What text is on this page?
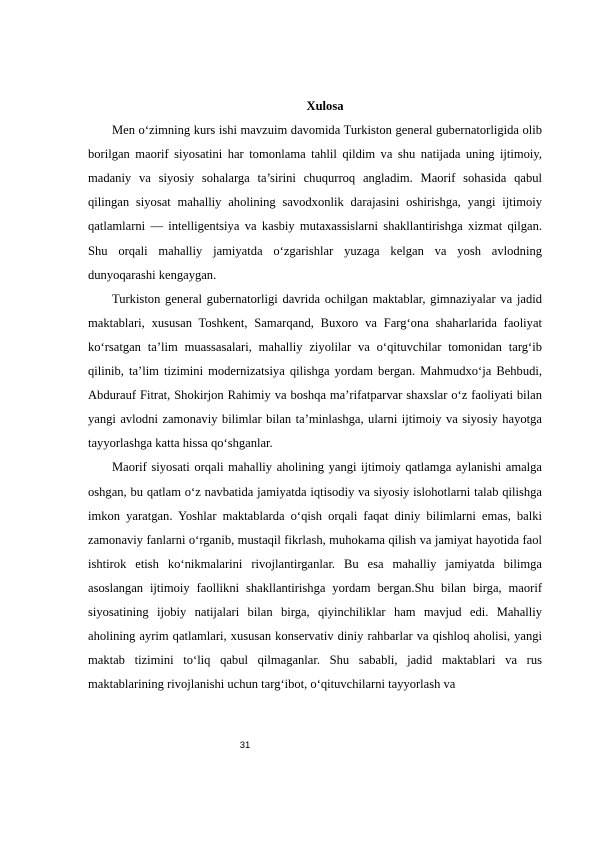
Xulosa

Men o‘zimning kurs ishi mavzuim davomida Turkiston general gubernatorligida olib borilgan maorif siyosatini har tomonlama tahlil qildim va shu natijada uning ijtimoiy, madaniy va siyosiy sohalarga ta’sirini chuqurroq angladim. Maorif sohasida qabul qilingan siyosat mahalliy aholining savodxonlik darajasini oshirishga, yangi ijtimoiy qatlamlarni — intelligentsiya va kasbiy mutaxassislarni shakllantirishga xizmat qilgan. Shu orqali mahalliy jamiyatda o‘zgarishlar yuzaga kelgan va yosh avlodning dunyoqarashi kengaygan.

Turkiston general gubernatorligi davrida ochilgan maktablar, gimnaziyalar va jadid maktablari, xususan Toshkent, Samarqand, Buxoro va Farg‘ona shaharlarida faoliyat ko‘rsatgan ta’lim muassasalari, mahalliy ziyolilar va o‘qituvchilar tomonidan targ‘ib qilinib, ta’lim tizimini modernizatsiya qilishga yordam bergan. Mahmudxo‘ja Behbudi, Abdurauf Fitrat, Shokirjon Rahimiy va boshqa ma’rifatparvar shaxslar o‘z faoliyati bilan yangi avlodni zamonaviy bilimlar bilan ta’minlashga, ularni ijtimoiy va siyosiy hayotga tayyorlashga katta hissa qo‘shganlar.

Maorif siyosati orqali mahalliy aholining yangi ijtimoiy qatlamga aylanishi amalga oshgan, bu qatlam o‘z navbatida jamiyatda iqtisodiy va siyosiy islohotlarni talab qilishga imkon yaratgan. Yoshlar maktablarda o‘qish orqali faqat diniy bilimlarni emas, balki zamonaviy fanlarni o‘rganib, mustaqil fikrlash, muhokama qilish va jamiyat hayotida faol ishtirok etish ko‘nikmalarini rivojlantirganlar. Bu esa mahalliy jamiyatda bilimga asoslangan ijtimoiy faollikni shakllantirishga yordam bergan.Shu bilan birga, maorif siyosatining ijobiy natijalari bilan birga, qiyinchiliklar ham mavjud edi. Mahalliy aholining ayrim qatlamlari, xususan konservativ diniy rahbarlar va qishloq aholisi, yangi maktab tizimini to‘liq qabul qilmaganlar. Shu sababli, jadid maktablari va rus maktablarining rivojlanishi uchun targ‘ibot, o‘qituvchilarni tayyorlash va

31
